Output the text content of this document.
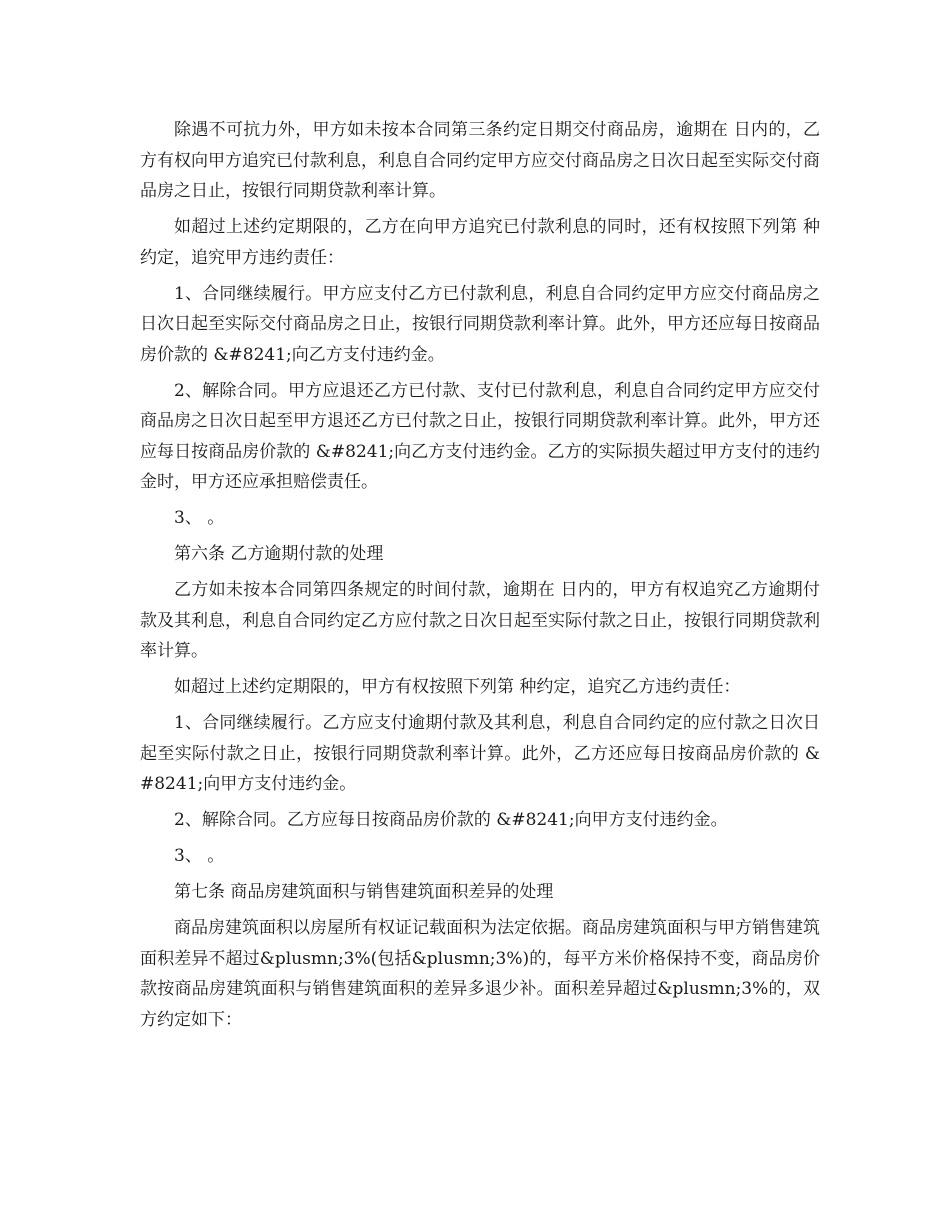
除遇不可抗力外，甲方如未按本合同第三条约定日期交付商品房，逾期在 日内的，乙方有权向甲方追究已付款利息，利息自合同约定甲方应交付商品房之日次日起至实际交付商品房之日止，按银行同期贷款利率计算。

如超过上述约定期限的，乙方在向甲方追究已付款利息的同时，还有权按照下列第 种约定，追究甲方违约责任：

1、合同继续履行。甲方应支付乙方已付款利息，利息自合同约定甲方应交付商品房之日次日起至实际交付商品房之日止，按银行同期贷款利率计算。此外，甲方还应每日按商品房价款的 &#8241;向乙方支付违约金。

2、解除合同。甲方应退还乙方已付款、支付已付款利息，利息自合同约定甲方应交付商品房之日次日起至甲方退还乙方已付款之日止，按银行同期贷款利率计算。此外，甲方还应每日按商品房价款的 &#8241;向乙方支付违约金。乙方的实际损失超过甲方支付的违约金时，甲方还应承担赔偿责任。

3、 。

第六条 乙方逾期付款的处理

乙方如未按本合同第四条规定的时间付款，逾期在 日内的，甲方有权追究乙方逾期付款及其利息，利息自合同约定乙方应付款之日次日起至实际付款之日止，按银行同期贷款利率计算。

如超过上述约定期限的，甲方有权按照下列第 种约定，追究乙方违约责任：

1、合同继续履行。乙方应支付逾期付款及其利息，利息自合同约定的应付款之日次日起至实际付款之日止，按银行同期贷款利率计算。此外，乙方还应每日按商品房价款的 &#8241;向甲方支付违约金。

2、解除合同。乙方应每日按商品房价款的 &#8241;向甲方支付违约金。

3、 。

第七条 商品房建筑面积与销售建筑面积差异的处理

商品房建筑面积以房屋所有权证记载面积为法定依据。商品房建筑面积与甲方销售建筑面积差异不超过&plusmn;3%(包括&plusmn;3%)的，每平方米价格保持不变，商品房价款按商品房建筑面积与销售建筑面积的差异多退少补。面积差异超过&plusmn;3%的，双方约定如下：
